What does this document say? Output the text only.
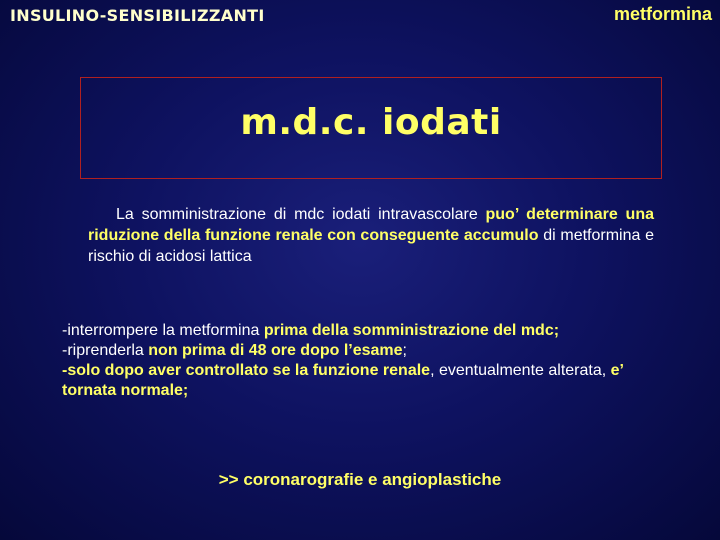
INSULINO-SENSIBILIZZANTI	metformina
m.d.c. iodati
La somministrazione di mdc iodati intravascolare puo’ determinare una riduzione della funzione renale con conseguente accumulo di metformina e rischio di acidosi lattica

-interrompere la metformina prima della somministrazione del mdc;

-riprenderla non prima di 48 ore dopo l’esame;

-solo dopo aver controllato se la funzione renale, eventualmente alterata, e’ tornata normale;

>> coronarografie e angioplastiche
